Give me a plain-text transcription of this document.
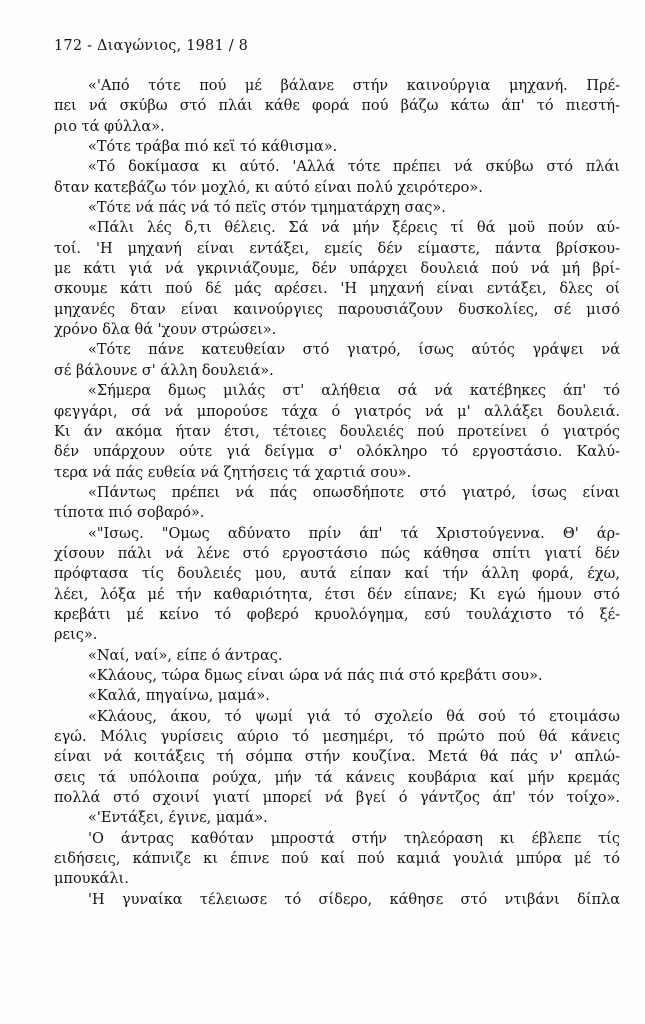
172 - Διαγώνιος, 1981 / 8
«'Από τότε πού μέ βάλανε στήν καινούργια μηχανή. Πρέ-
πει νά σκύβω στό πλάι κάθε φορά πού βάζω κάτω άπ' τό πιεστή-
ριο τά φύλλα».
«Τότε τράβα πιό κεϊ τό κάθισμα».
«Τό δοκίμασα κι αύτό. 'Αλλά τότε πρέπει νά σκύβω στό πλάι
δταν κατεβάζω τόν μοχλό, κι αύτό είναι πολύ χειρότερο».
«Τότε νά πάς νά τό πεϊς στόν τμηματάρχη σας».
«Πάλι λές δ,τι θέλεις. Σά νά μήν ξέρεις τί θά μοϋ πούν αύ-
τοί. 'Η μηχανή είναι εντάξει, εμείς δέν είμαστε, πάντα βρίσκου-
με κάτι γιά νά γκρινιάζουμε, δέν υπάρχει δουλειά πού νά μή βρί-
σκουμε κάτι πού δέ μάς αρέσει. 'Η μηχανή είναι εντάξει, δλες οί
μηχανές δταν είναι καινούργιες παρουσιάζουν δυσκολίες, σέ μισό
χρόνο δλα θά 'χουν στρώσει».
«Τότε πάνε κατευθείαν στό γιατρό, ίσως αύτός γράψει νά
σέ βάλουνε σ' άλλη δουλειά».
«Σήμερα δμως μιλάς στ' αλήθεια σά νά κατέβηκες άπ' τό
φεγγάρι, σά νά μπορούσε τάχα ό γιατρός νά μ' αλλάξει δουλειά.
Κι άν ακόμα ήταν έτσι, τέτοιες δουλειές πού προτείνει ό γιατρός
δέν υπάρχουν ούτε γιά δείγμα σ' ολόκληρο τό εργοστάσιο. Καλύ-
τερα νά πάς ευθεία νά ζητήσεις τά χαρτιά σου».
«Πάντως πρέπει νά πάς οπωσδήποτε στό γιατρό, ίσως είναι
τίποτα πιό σοβαρό».
«"Ισως. "Ομως αδύνατο πρίν άπ' τά Χριστούγεννα. Θ' άρ-
χίσουν πάλι νά λένε στό εργοστάσιο πώς κάθησα σπίτι γιατί δέν
πρόφτασα τίς δουλειές μου, αυτά είπαν καί τήν άλλη φορά, έχω,
λέει, λόξα μέ τήν καθαριότητα, έτσι δέν είπανε; Κι εγώ ήμουν στό
κρεβάτι μέ κείνο τό φοβερό κρυολόγημα, εσύ τουλάχιστο τό ξέ-
ρεις».
«Ναί, ναί», είπε ό άντρας.
«Κλάους, τώρα δμως είναι ώρα νά πάς πιά στό κρεβάτι σου».
«Καλά, πηγαίνω, μαμά».
«Κλάους, άκου, τό ψωμί γιά τό σχολείο θά σού τό ετοιμάσω
εγώ. Μόλις γυρίσεις αύριο τό μεσημέρι, τό πρώτο πού θά κάνεις
είναι νά κοιτάξεις τή σόμπα στήν κουζίνα. Μετά θά πάς ν' απλώ-
σεις τά υπόλοιπα ρούχα, μήν τά κάνεις κουβάρια καί μήν κρεμάς
πολλά στό σχοινί γιατί μπορεί νά βγεί ό γάντζος άπ' τόν τοίχο».
«'Εντάξει, έγινε, μαμά».
'Ο άντρας καθόταν μπροστά στήν τηλεόραση κι έβλεπε τίς
ειδήσεις, κάπνιζε κι έπινε πού καί πού καμιά γουλιά μπύρα μέ τό
μπουκάλι.
'Η γυναίκα τέλειωσε τό σίδερο, κάθησε στό ντιβάνι δίπλα
